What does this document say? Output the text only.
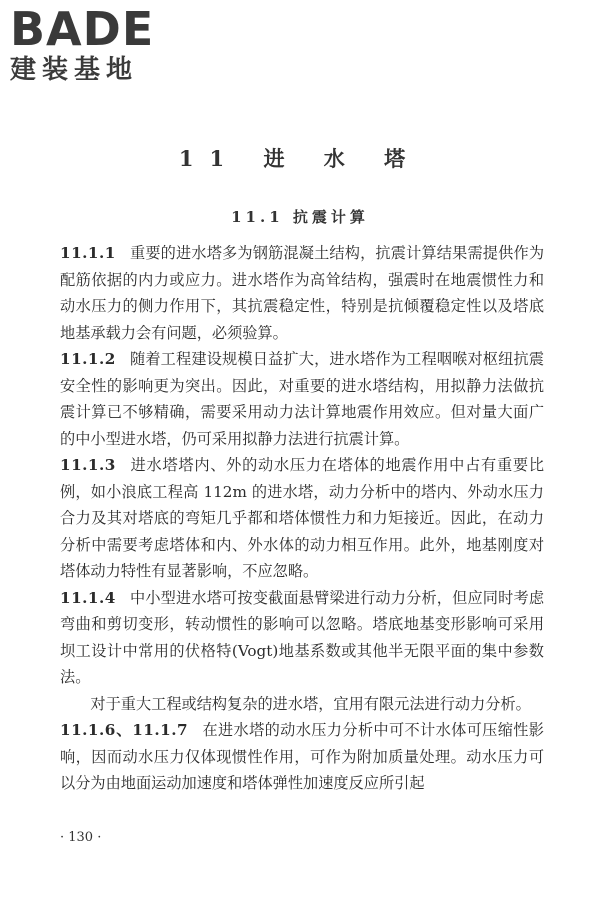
BADE
建装基地
11 进 水 塔
11.1 抗震计算

11.1.1 重要的进水塔多为钢筋混凝土结构，抗震计算结果需提供作为配筋依据的内力或应力。进水塔作为高耸结构，强震时在地震惯性力和动水压力的侧力作用下，其抗震稳定性，特别是抗倾覆稳定性以及塔底地基承载力会有问题，必须验算。

11.1.2 随着工程建设规模日益扩大，进水塔作为工程咽喉对枢纽抗震安全性的影响更为突出。因此，对重要的进水塔结构，用拟静力法做抗震计算已不够精确，需要采用动力法计算地震作用效应。但对量大面广的中小型进水塔，仍可采用拟静力法进行抗震计算。

11.1.3 进水塔塔内、外的动水压力在塔体的地震作用中占有重要比例，如小浪底工程高 112m 的进水塔，动力分析中的塔内、外动水压力合力及其对塔底的弯矩几乎都和塔体惯性力和力矩接近。因此，在动力分析中需要考虑塔体和内、外水体的动力相互作用。此外，地基刚度对塔体动力特性有显著影响，不应忽略。

11.1.4 中小型进水塔可按变截面悬臂梁进行动力分析，但应同时考虑弯曲和剪切变形，转动惯性的影响可以忽略。塔底地基变形影响可采用坝工设计中常用的伏格特(Vogt)地基系数或其他半无限平面的集中参数法。

对于重大工程或结构复杂的进水塔，宜用有限元法进行动力分析。

11.1.6、11.1.7 在进水塔的动水压力分析中可不计水体可压缩性影响，因而动水压力仅体现惯性作用，可作为附加质量处理。动水压力可以分为由地面运动加速度和塔体弹性加速度反应所引起

· 130 ·
